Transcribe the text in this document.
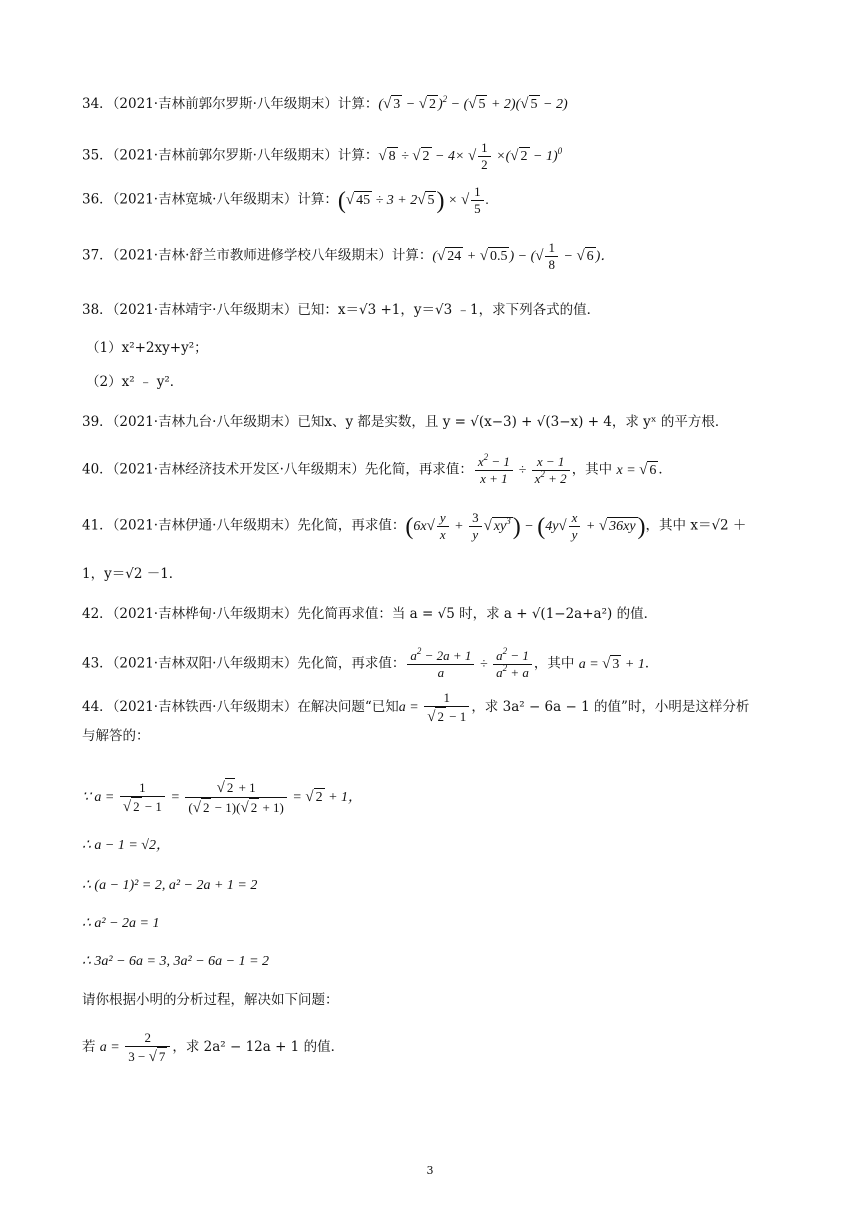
34．（2021·吉林前郭尔罗斯·八年级期末）计算：(√ 3 − √ 2 )$^2$ − (√ 5 + 2)(√ 5 − 2)
35．（2021·吉林前郭尔罗斯·八年级期末）计算：√ 8 ÷ √ 2 − 4× √ $\frac{1}{2}$ ×(√ 2 − 1)$^0$
36．（2021·吉林宽城·八年级期末）计算：(√ 45 ÷ 3 + 2√ 5) × √ $\frac{1}{5}$ .
37．（2021·吉林·舒兰市教师进修学校八年级期末）计算：(√ 24 + √ 0.5 ) − (√ $\frac{1}{8}$ − √ 6 )．
38．（2021·吉林靖宇·八年级期末）已知：x＝√3 +1，y＝√3 ﹣1，求下列各式的值．
（1）x²+2xy+y²；
（2）x² ﹣ y²．
39．（2021·吉林九台·八年级期末）已知x、y 都是实数，且 y = √(x−3) + √(3−x) + 4，求 yˣ 的平方根．
40．（2021·吉林经济技术开发区·八年级期末）先化简，再求值： $\frac{x^2 - 1}{x + 1} \div \frac{x - 1}{x^2 + 2}$ ，其中 x = √ 6 ．
41．（2021·吉林伊通·八年级期末）先化简，再求值：($6x√ \frac{y}{x} + \frac{3}{y}$ √ $xy^3) - (4y√ \frac{x}{y}$ + √ 36xy)，其中 x＝√2 ＋
1，y＝√2 －1．
42．（2021·吉林桦甸·八年级期末）先化简再求值：当 a = √5 时，求 a + √(1−2a+a²) 的值．
43．（2021·吉林双阳·八年级期末）先化简，再求值： $\frac{a^2 - 2a + 1}{a} \div \frac{a^2 - 1}{a^2 + a}$ ，其中 a = √ 3 + 1．
44．（2021·吉林铁西·八年级期末）在解决问题“已知$a = \frac{1}{√ 2 - 1}$ ，求 3a² − 6a − 1 的值”时，小明是这样分析
与解答的：
∵ $a = \frac{1}{√ 2 - 1} = \frac{√ 2 + 1}{(√ 2 - 1)(√ 2 + 1)}$ = √ 2 + 1，
∴ a − 1 = √2，
∴ (a − 1)² = 2, a² − 2a + 1 = 2
∴ a² − 2a = 1
∴ 3a² − 6a = 3, 3a² − 6a − 1 = 2
请你根据小明的分析过程，解决如下问题：
若 $a = \frac{2}{3 - √ 7}$ ，求 2a² − 12a + 1 的值．
3
